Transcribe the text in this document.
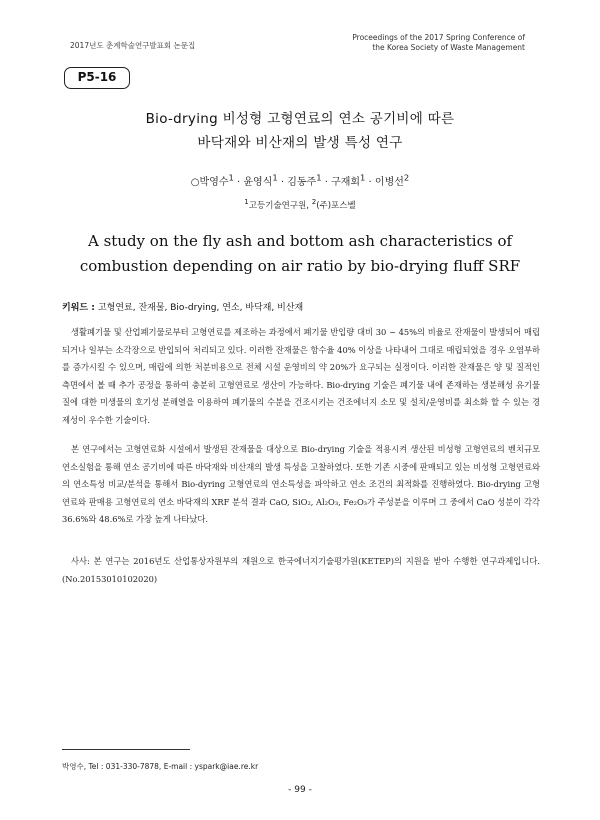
2017년도 춘계학술연구발표회 논문집
Proceedings of the 2017 Spring Conference of
the Korea Society of Waste Management
P5-16
Bio-drying 비성형 고형연료의 연소 공기비에 따른
바닥재와 비산재의 발생 특성 연구
○박영수$^1$ · 윤영식$^1$ · 김동주$^1$ · 구재회$^1$ · 이병선$^2$
$^1$고등기술연구원, $^2$(주)포스벨
A study on the fly ash and bottom ash characteristics of
combustion depending on air ratio by bio-drying fluff SRF
키워드 : 고형연료, 잔재물, Bio-drying, 연소, 바닥재, 비산재
생활폐기물 및 산업폐기물로부터 고형연료를 제조하는 과정에서 폐기물 반입량 대비 30 ~ 45%의 비율로 잔재물이 발생되어 매립되거나 일부는 소각장으로 반입되어 처리되고 있다. 이러한 잔재물은 함수율 40% 이상을 나타내어 그대로 매립되었을 경우 오염부하를 증가시킬 수 있으며, 매립에 의한 처분비용으로 전체 시설 운영비의 약 20%가 요구되는 실정이다. 이러한 잔재물은 양 및 질적인 측면에서 볼 때 추가 공정을 통하여 충분히 고형연료로 생산이 가능하다. Bio-drying 기술은 폐기물 내에 존재하는 생분해성 유기물질에 대한 미생물의 호기성 분해열을 이용하여 폐기물의 수분을 건조시키는 건조에너지 소모 및 설치/운영비를 최소화 할 수 있는 경제성이 우수한 기술이다.
본 연구에서는 고형연료화 시설에서 발생된 잔재물을 대상으로 Bio-drying 기술을 적용시켜 생산된 비성형 고형연료의 벤치규모 연소실험을 통해 연소 공기비에 따른 바닥재와 비산재의 발생 특성을 고찰하였다. 또한 기존 시중에 판매되고 있는 비성형 고형연료와의 연소특성 비교/분석을 통해서 Bio-dyring 고형연료의 연소특성을 파악하고 연소 조건의 최적화를 진행하였다. Bio-drying 고형연료와 판매용 고형연료의 연소 바닥재의 XRF 분석 결과 CaO, SiO₂, Al₂O₃, Fe₂O₃가 주성분을 이루며 그 중에서 CaO 성분이 각각 36.6%와 48.6%로 가장 높게 나타났다.
사사: 본 연구는 2016년도 산업통상자원부의 재원으로 한국에너지기술평가원(KETEP)의 지원을 받아 수행한 연구과제입니다. (No.20153010102020)
박영수, Tel : 031-330-7878, E-mail : yspark@iae.re.kr
- 99 -
